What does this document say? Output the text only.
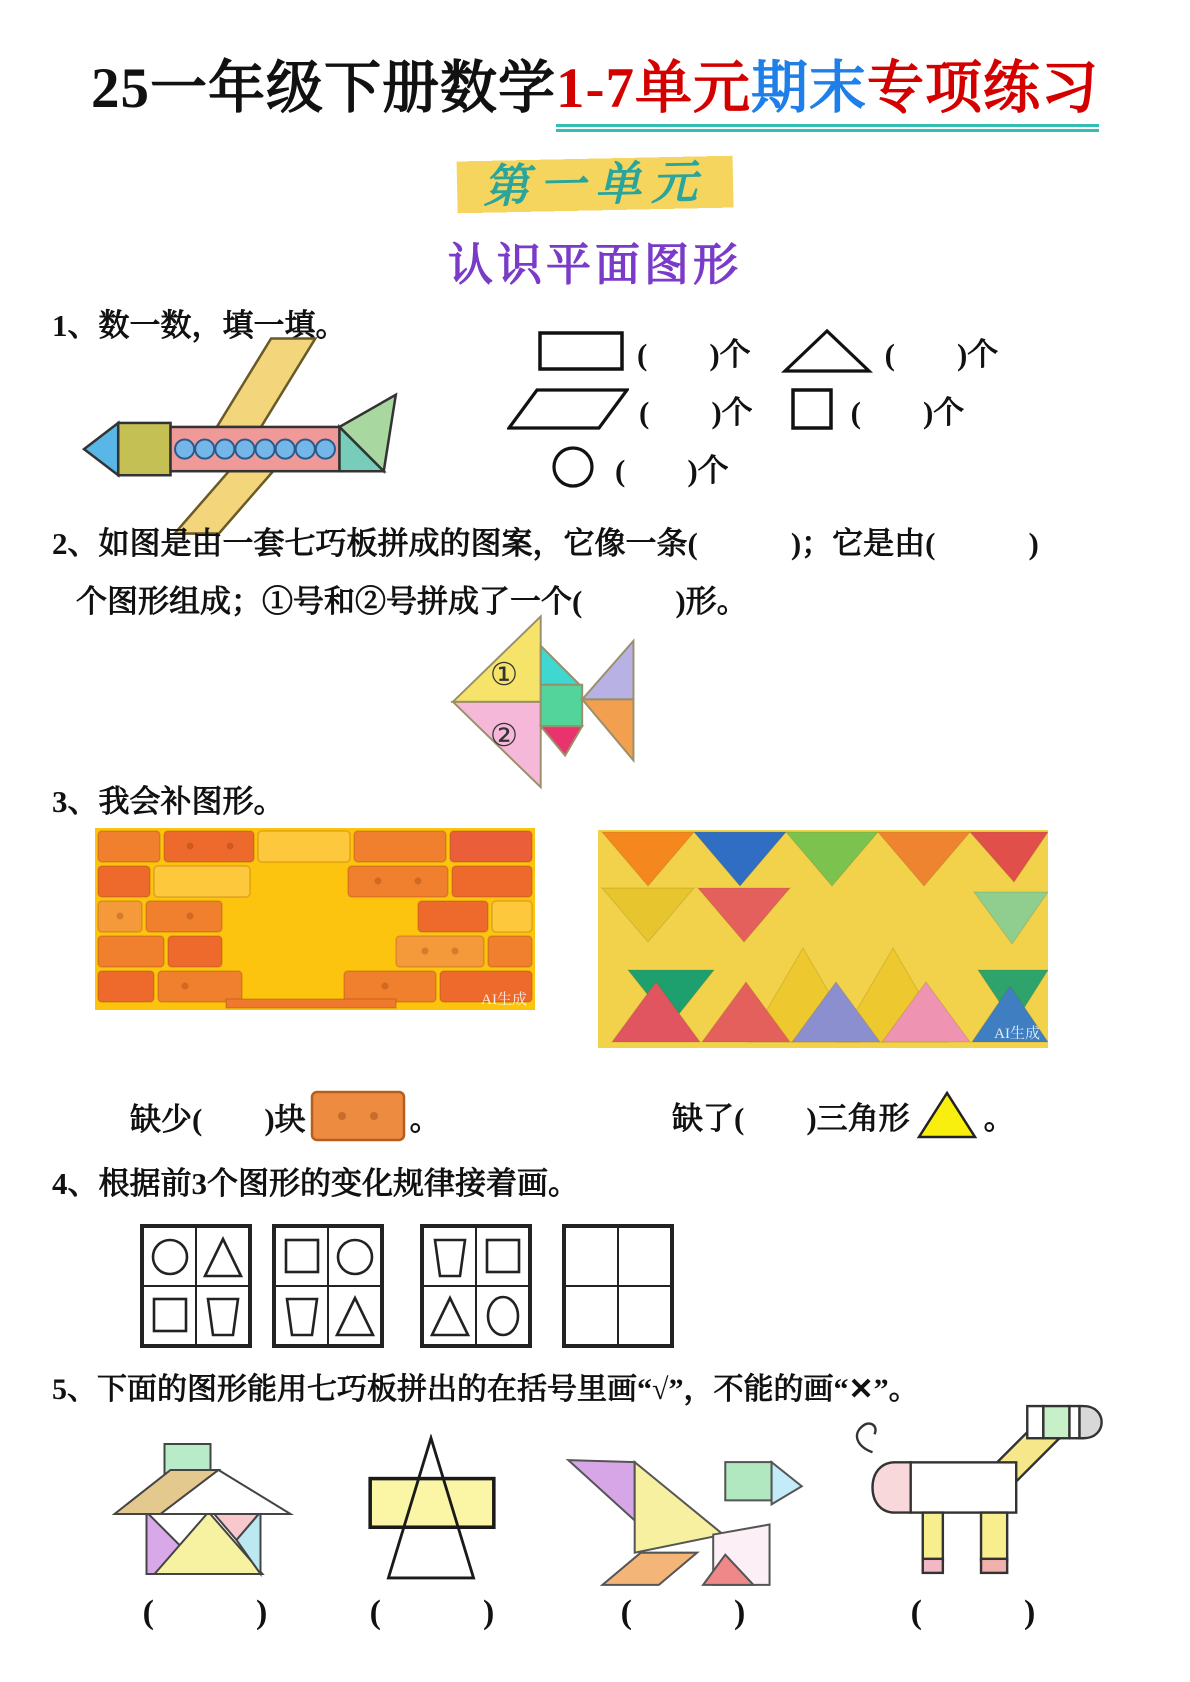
25一年级下册数学1-7单元期末专项练习
第一单元
认识平面图形
1、数一数，填一填。
(　　)个	(　　)个
(　　)个	(　　)个
(　　)个
2、如图是由一套七巧板拼成的图案，它像一条(　　　)；它是由(　　　)
个图形组成；①号和②号拼成了一个(　　　)形。
①
②
3、我会补图形。
AI生成
AI生成
缺少(　　)块	。	缺了(　　)三角形 。
4、根据前3个图形的变化规律接着画。
5、下面的图形能用七巧板拼出的在括号里画“√”，不能的画“✕”。
(　　　)	(　　　)	(　　　)	(　　　)
